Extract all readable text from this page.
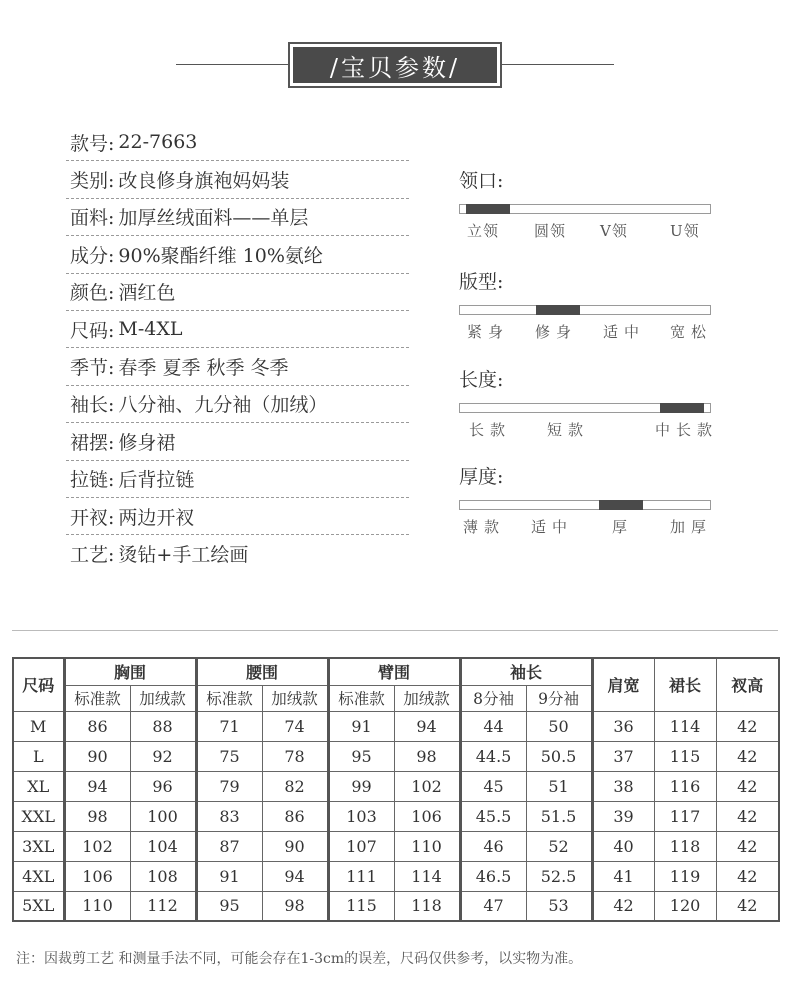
/宝贝参数/
款号 : 22-7663
类别 : 改良修身旗袍妈妈装
面料 : 加厚丝绒面料——单层
成分 : 90%聚酯纤维 10%氨纶
颜色 : 酒红色
尺码 : M-4XL
季节 : 春季 夏季 秋季 冬季
袖长 : 八分袖、九分袖（加绒）
裙摆 : 修身裙
拉链 : 后背拉链
开衩 : 两边开衩
工艺 : 烫钻+手工绘画
领口 :
立领 圆领 V领	U领
版型 :
紧身 修身 适中 宽松
长度 :
长款 短款	中长款
厚度 :
薄款 适中	厚	加厚
尺码	胸围		腰围		臂围		袖长		肩宽	裙长	衩高
	标准款	加绒款	标准款	加绒款	标准款	加绒款	8分袖	9分袖			
M	86	88	71	74	91	94	44	50	36	114	42
L	90	92	75	78	95	98	44.5	50.5	37	115	42
XL	94	96	79	82	99	102	45	51	38	116	42
XXL	98	100	83	86	103	106	45.5	51.5	39	117	42
3XL	102	104	87	90	107	110	46	52	40	118	42
4XL	106	108	91	94	111	114	46.5	52.5	41	119	42
5XL	110	112	95	98	115	118	47	53	42	120	42
注：因裁剪工艺 和测量手法不同，可能会存在1-3cm的误差，尺码仅供参考，以实物为准。
